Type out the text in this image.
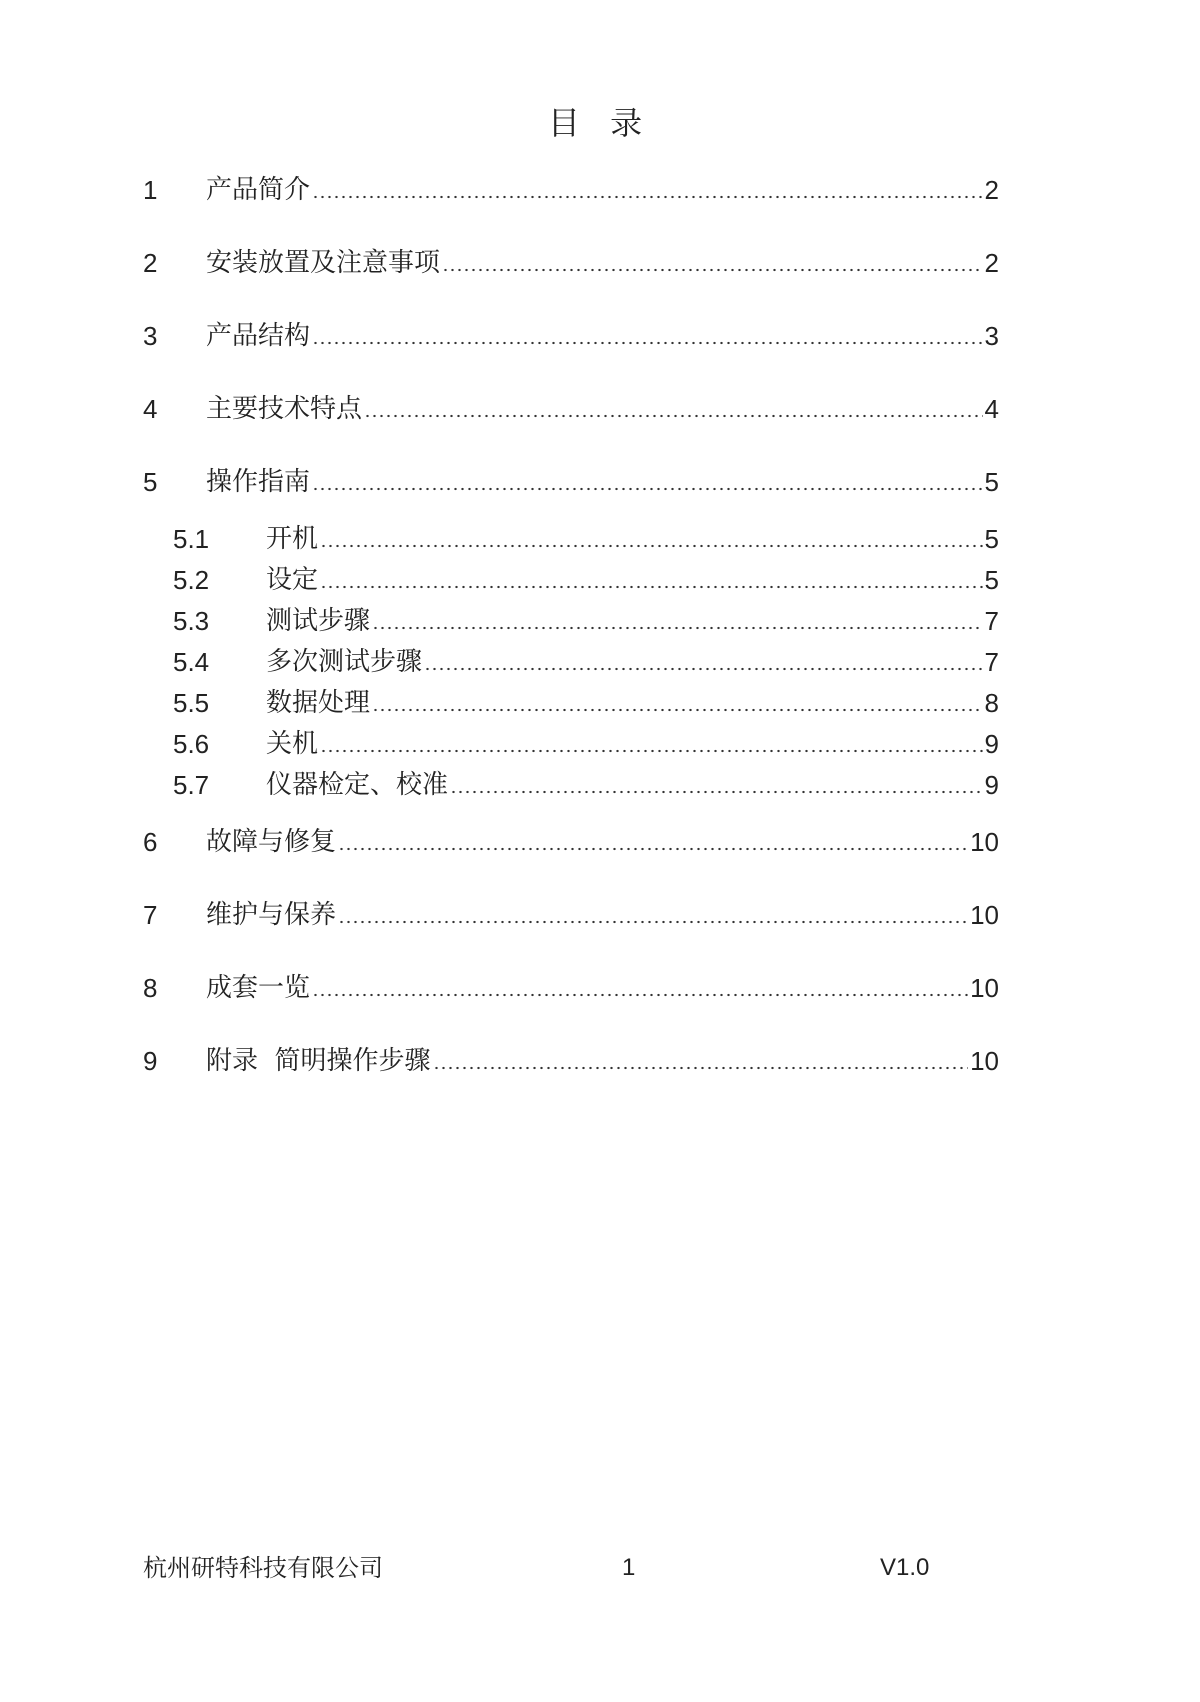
目 录
1	产品简介	2
2	安装放置及注意事项	2
3	产品结构	3
4	主要技术特点	4
5	操作指南	5
5.1	开机	5
5.2	设定	5
5.3	测试步骤	7
5.4	多次测试步骤	7
5.5	数据处理	8
5.6	关机	9
5.7	仪器检定、校准	9
6	故障与修复	10
7	维护与保养	10
8	成套一览	10
9	附录  简明操作步骤	10
杭州研特科技有限公司	1	V1.0
